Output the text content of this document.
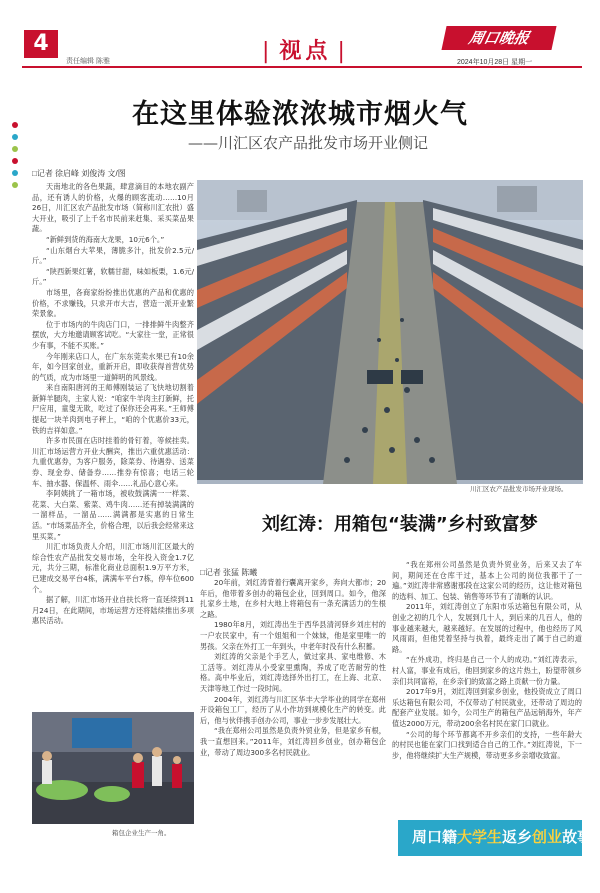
4
责任编辑 陈雅
|	视点 |
周口晚报
2024年10月28日 星期一
在这里体验浓浓城市烟火气
——川汇区农产品批发市场开业侧记
□记者 徐启峰 刘俊涛 文/图

天南地北的各色果蔬，肆意滴目的本地农副产品，还有诱人的价格，火爆的顾客流动……10月26日，川汇区农产品批发市场（简称川汇农批）盛大开业，吸引了上千名市民前来赶集、采买菜品果蔬。

“新鲜到货的海南大龙果，10元6个。”

“山东烟台大苹果，薄脆多汁，批发价2.5元/斤。”

“陕西新果红薯，软糯甘甜，味如板栗，1.6元/斤。”

市场里，各商家纷纷推出优惠的产品和优惠的价格，不求赚钱，只求开市大吉，营造一派开业繁荣景象。

位于市场内的牛肉店门口，一排排鲜牛肉整齐摆放，大方地邀请顾客试吃。“大家往一堂，正常很少有事，不能不买账。”

今年刚来店口人，在广东东莞卖水果已有10余年，如今回家创业，重新开启，即收获得首营优势的气质，成为市场里一道鲜明的风景线。

来自南阳唐河的王师傅刚装运了飞快地切割着新鲜羊腿肉，主家人说：“咱家牛羊肉主打新鲜，托尸应用，童叟无欺，吃过了保你还会再来。”王师傅提起一块羊肉到电子秤上，“咱的个优惠价33元，铁的吉祥如意。”

许多市民面在店时挂着的骨钉着，等候挂卖。川汇市场运营方开业大酬宾，推出六重优惠活动：九重优惠券，为客户服务，除菜券、待遇券、送菜券、现金券、储备券……推券有惊喜；电话三轮车、抽水器、保温杯、雨伞……礼品心意心来。

李阿姨挑了一箱市场，被收鼓满满一一样菜、花菜、大白菜、紫菜、鸡牛肉……还有掉装满满的一溜样品，一溜品……满满都是实惠的日常生活。“市场菜品齐全，价格合理，以后我会经常来这里买菜。”

川汇市场负责人介绍，川汇市场川汇区最大的综合性农产品批发交易市场，全年投入资金1.7亿元，共分三期，标准化商业总面积1.9万平方米，已建成交易平台4栋，满满车平台7栋，停车位600个。

据了解，川汇市场开业自扶长将一直延续到11月24日，在此期间，市场运营方还将陆续推出多项惠民活动。

川汇区农产品批发市场开业现场。
刘红涛：用箱包“装满”乡村致富梦
□记者 张猛 陈曦

20年前，刘红涛背着行囊离开家乡，奔向大都市；20年后，他带着多创办的箱包企业，回到周口。如今，他深扎家乡土地，在乡村大地上将箱包有一条充满活力的生根之路。

1980年8月，刘红涛出生于西华县清河驿乡刘庄村的一户农民家中，有一个姐姐和一个妹妹，他是家里唯一的男孩。父亲在外打工一年到头，中老年时没有什么积蓄。

刘红涛的父亲是个手艺人，做过家具、家电维修、木工活等。刘红涛从小受家里熏陶，养成了吃苦耐劳的性格。高中毕业后，刘红涛选择外出打工，在上海、北京、天津等地工作过一段时间。

2004年，刘红涛与川汇区华丰大学毕业的同学在郑州开设箱包工厂，经历了从小作坊到规模化生产的转变。此后，他与伙伴携手创办公司，事业一步步发展壮大。

“我在郑州公司虽然是负责外贸业务，但是家乡有根，我一直想回来。”2011年，刘红涛回乡创业，创办箱包企业，带动了周边300多名村民就业。

“我在郑州公司虽然是负责外贸业务，后来又去了车间，期间还在仓库干过，基本上公司的岗位我都干了一遍。”刘红涛非常感谢那段在这家公司的经历，这让他对箱包的选料、加工、包装、销售等环节有了清晰的认识。

2011年，刘红涛创立了东阳市乐达箱包有限公司，从创业之初的几个人，发展到几十人，到后来的几百人，他的事业越来越大，越来越好。在发展的过程中，他也经历了风风雨雨，但他凭着坚持与执着，最终走出了属于自己的道路。

“在外成功，终归是自己一个人的成功。”刘红涛表示，村人富，事业有成后，他回到家乡的这片热土，盼望带领乡亲们共同富裕，在乡亲们的致富之路上贡献一份力量。

2017年9月，刘红涛回到家乡创业，他投资成立了周口乐达箱包有限公司，不仅带动了村民就业，还带动了周边的配套产业发展。如今，公司生产的箱包产品远销海外，年产值达2000万元，带动200余名村民在家门口就业。

“公司的每个环节都离不开乡亲们的支持，一些年龄大的村民也能在家门口找到适合自己的工作。”刘红涛说，下一步，他将继续扩大生产规模，带动更多乡亲增收致富。

箱包企业生产一角。	周口籍大学生返乡创业故事
